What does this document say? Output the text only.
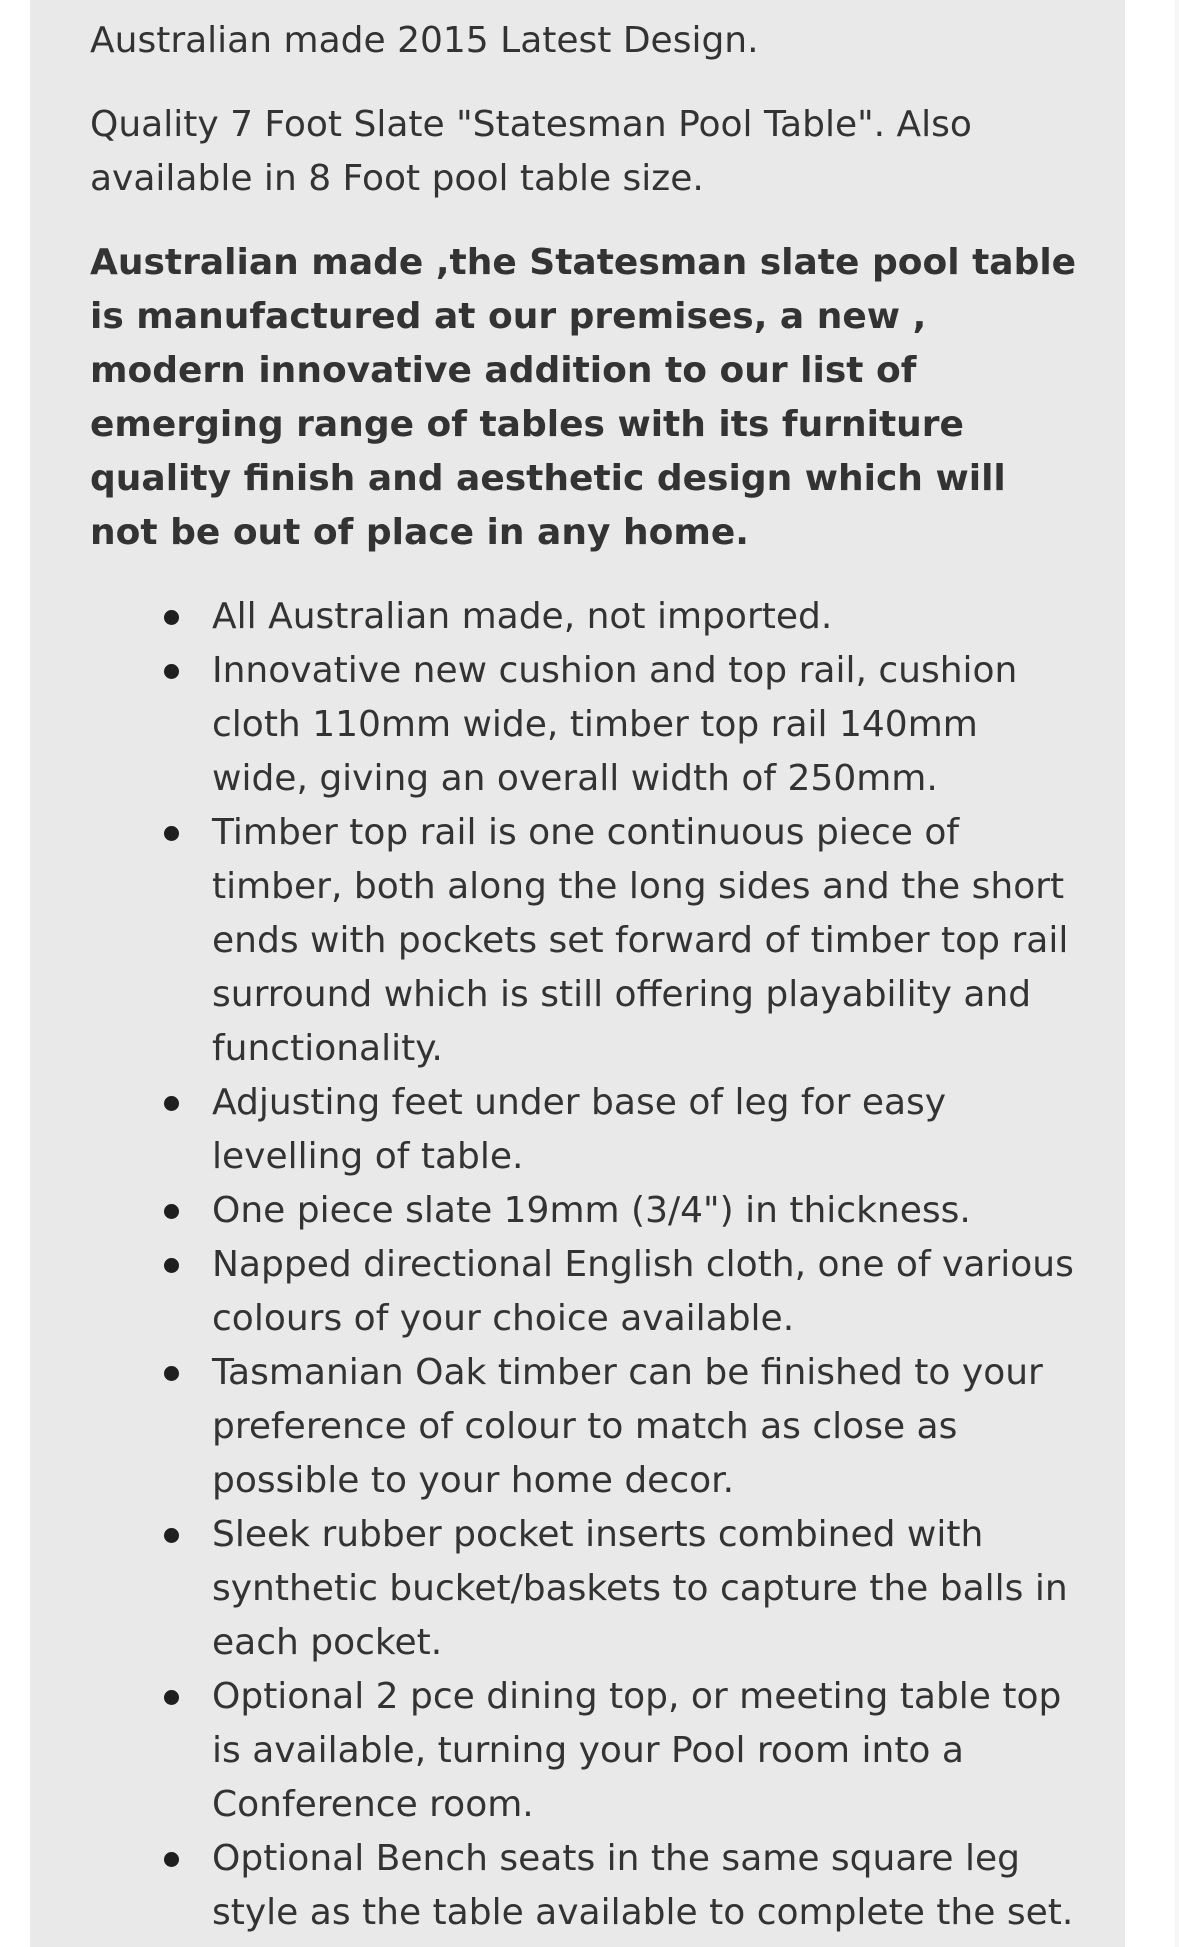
Australian made 2015 Latest Design.

Quality 7 Foot Slate "Statesman Pool Table". Also available in 8 Foot pool table size.

Australian made ,the Statesman slate pool table is manufactured at our premises, a new , modern innovative addition to our list of emerging range of tables with its furniture quality finish and aesthetic design which will not be out of place in any home.

All Australian made, not imported.
Innovative new cushion and top rail, cushion cloth 110mm wide, timber top rail 140mm wide, giving an overall width of 250mm.
Timber top rail is one continuous piece of timber, both along the long sides and the short ends with pockets set forward of timber top rail surround which is still offering playability and functionality.
Adjusting feet under base of leg for easy levelling of table.
One piece slate 19mm (3/4") in thickness.
Napped directional English cloth, one of various colours of your choice available.
Tasmanian Oak timber can be finished to your preference of colour to match as close as possible to your home decor.
Sleek rubber pocket inserts combined with synthetic bucket/baskets to capture the balls in each pocket.
Optional 2 pce dining top, or meeting table top is available, turning your Pool room into a Conference room.
Optional Bench seats in the same square leg style as the table available to complete the set.
